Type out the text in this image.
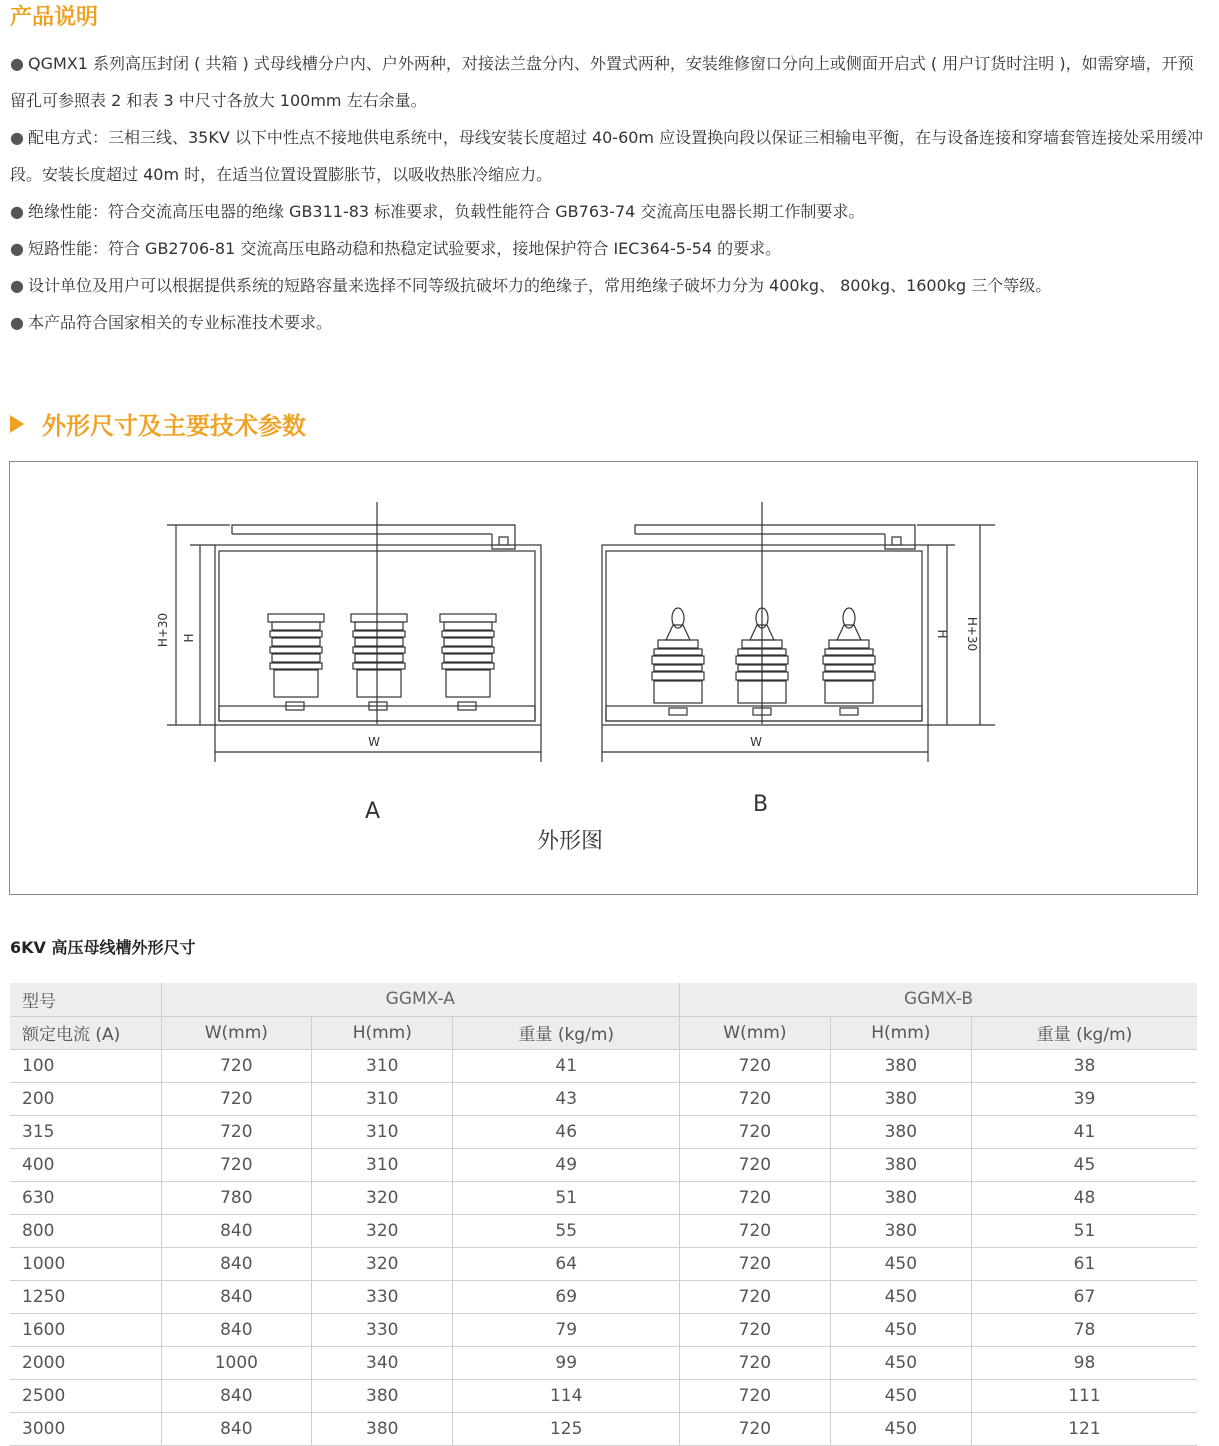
产品说明
● QGMX1 系列高压封闭 ( 共箱 ) 式母线槽分户内、户外两种，对接法兰盘分内、外置式两种，安装维修窗口分向上或侧面开启式 ( 用户订货时注明 )，如需穿墙，开预留孔可参照表 2 和表 3 中尺寸各放大 100mm 左右余量。
● 配电方式：三相三线、35KV 以下中性点不接地供电系统中，母线安装长度超过 40-60m 应设置换向段以保证三相输电平衡，在与设备连接和穿墙套管连接处采用缓冲段。安装长度超过 40m 时，在适当位置设置膨胀节，以吸收热胀冷缩应力。
● 绝缘性能：符合交流高压电器的绝缘 GB311-83 标准要求，负载性能符合 GB763-74 交流高压电器长期工作制要求。
● 短路性能：符合 GB2706-81 交流高压电路动稳和热稳定试验要求，接地保护符合 IEC364-5-54 的要求。
● 设计单位及用户可以根据提供系统的短路容量来选择不同等级抗破坏力的绝缘子，常用绝缘子破坏力分为 400kg、 800kg、1600kg 三个等级。
● 本产品符合国家相关的专业标准技术要求。
外形尺寸及主要技术参数
H+30 H
W
H H+30
W
A	B
外形图
6KV 高压母线槽外形尺寸
型号	GGMX-A			GGMX-B		
额定电流 (A)	W(mm)	H(mm)	重量 (kg/m)	W(mm)	H(mm)	重量 (kg/m)
100	720	310	41	720	380	38
200	720	310	43	720	380	39
315	720	310	46	720	380	41
400	720	310	49	720	380	45
630	780	320	51	720	380	48
800	840	320	55	720	380	51
1000	840	320	64	720	450	61
1250	840	330	69	720	450	67
1600	840	330	79	720	450	78
2000	1000	340	99	720	450	98
2500	840	380	114	720	450	111
3000	840	380	125	720	450	121
